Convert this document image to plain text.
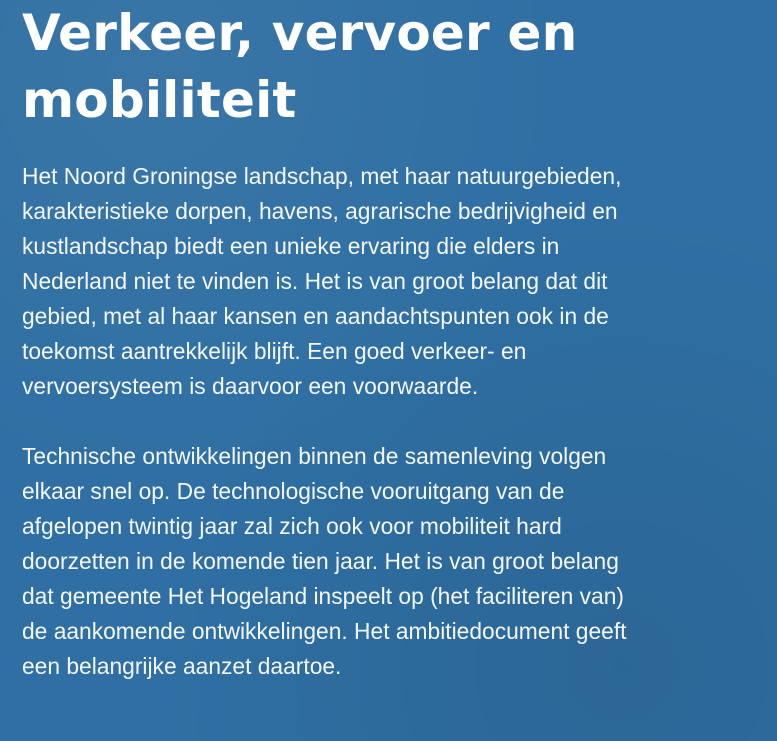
Verkeer, vervoer en
mobiliteit

Het Noord Groningse landschap, met haar natuurgebieden,
karakteristieke dorpen, havens, agrarische bedrijvigheid en
kustlandschap biedt een unieke ervaring die elders in
Nederland niet te vinden is. Het is van groot belang dat dit
gebied, met al haar kansen en aandachtspunten ook in de
toekomst aantrekkelijk blijft. Een goed verkeer- en
vervoersysteem is daarvoor een voorwaarde.

Technische ontwikkelingen binnen de samenleving volgen
elkaar snel op. De technologische vooruitgang van de
afgelopen twintig jaar zal zich ook voor mobiliteit hard
doorzetten in de komende tien jaar. Het is van groot belang
dat gemeente Het Hogeland inspeelt op (het faciliteren van)
de aankomende ontwikkelingen. Het ambitiedocument geeft
een belangrijke aanzet daartoe.
